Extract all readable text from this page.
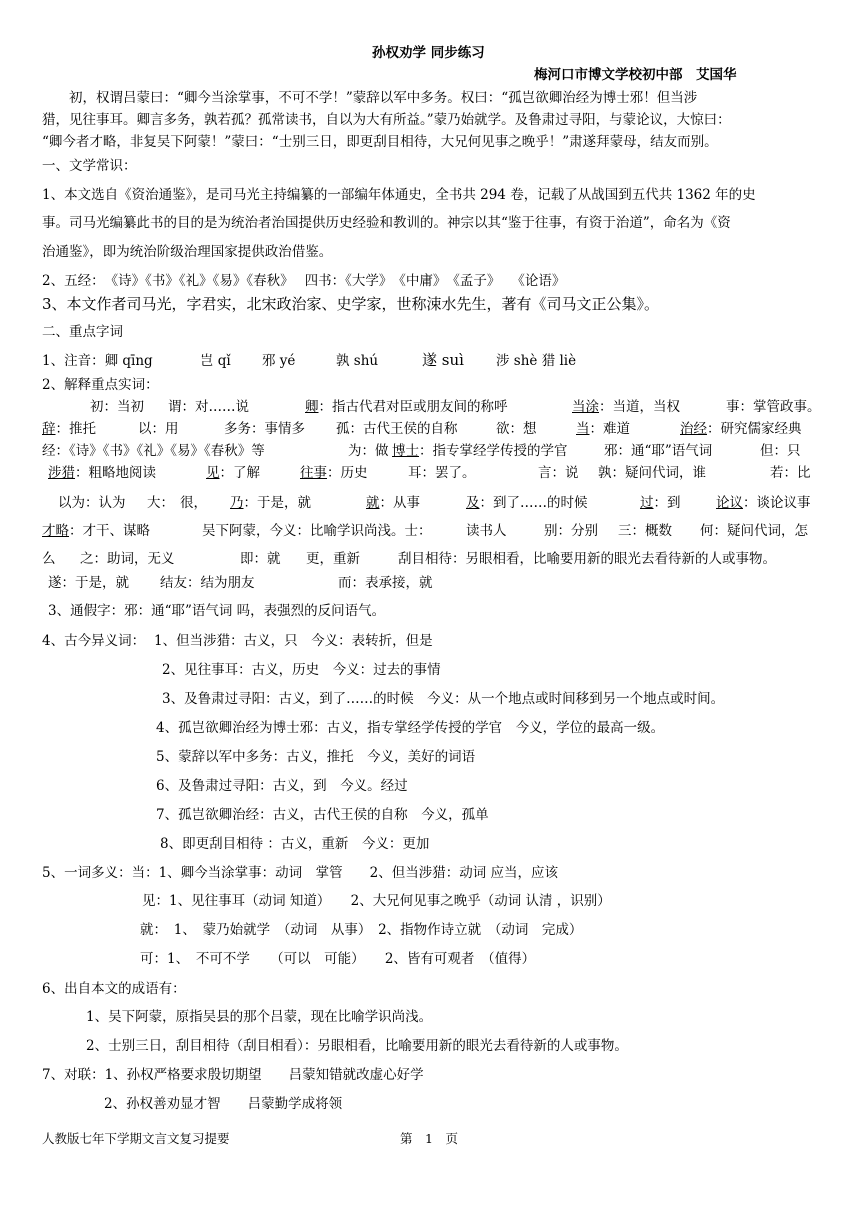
孙权劝学 同步练习
梅河口市博文学校初中部　艾国华
　　初，权谓吕蒙曰：“卿今当涂掌事，不可不学！”蒙辞以军中多务。权曰：“孤岂欲卿治经为博士邪！但当涉
猎，见往事耳。卿言多务，孰若孤？孤常读书，自以为大有所益。”蒙乃始就学。及鲁肃过寻阳，与蒙论议，大惊曰：
“卿今者才略，非复吴下阿蒙！”蒙曰：“士别三日，即更刮目相待，大兄何见事之晚乎！”肃遂拜蒙母，结友而别。
一、文学常识：
1、本文选自《资治通鉴》，是司马光主持编纂的一部编年体通史，全书共 294 卷，记载了从战国到五代共 1362 年的史
事。司马光编纂此书的目的是为统治者治国提供历史经验和教训的。神宗以其“鉴于往事，有资于治道”，命名为《资
治通鉴》，即为统治阶级治理国家提供政治借鉴。
2、五经：　《诗》《书》《礼》《易》《春秋》　 四书：《大学》　《中庸》　《孟子》　 《论语》
3、本文作者司马光，字君实，北宋政治家、史学家，世称涑水先生，著有《司马文正公集》。
二、重点字词
1、注音：卿 qīng	岂 qǐ 邪 yé	孰 shú	遂 suì 涉 shè 猎 liè
2、解释重点实词：
初：当初 谓：对……说	卿：指古代君对臣或朋友间的称呼	当涂：当道，当权	事：掌管政事。
辞：推托	以：用	多务：事情多 孤：古代王侯的自称	欲：想	当：难道	治经：研究儒家经典
经：《诗》《书》《礼》《易》《春秋》等	为：做 博士：指专掌经学传授的学官	邪：通“耶”语气词	但：只
涉猎：粗略地阅读	见：了解	往事：历史	耳：罢了。	言：说 孰：疑问代词，谁	若：比
以为：认为 大： 很， 乃：于是，就	就：从事	及：到了……的时候	过：到	论议：谈论议事
才略：才干、谋略	吴下阿蒙，今义：比喻学识尚浅。士：	读书人	别：分别 三：概数 何：疑问代词，怎
么 之：助词，无义	即：就 更，重新	刮目相待：另眼相看，比喻要用新的眼光去看待新的人或事物。
遂：于是，就 结友：结为朋友	而：表承接，就
3、通假字：邪：通“耶”语气词 吗，表强烈的反问语气。
4、古今异义词： 1、但当涉猎：古义，只　今义：表转折，但是
2、见往事耳：古义，历史　今义：过去的事情
3、及鲁肃过寻阳：古义，到了……的时候　今义：从一个地点或时间移到另一个地点或时间。
4、孤岂欲卿治经为博士邪：古义，指专掌经学传授的学官　今义，学位的最高一级。
5、蒙辞以军中多务：古义，推托　今义，美好的词语
6、及鲁肃过寻阳：古义，到　今义。经过
7、孤岂欲卿治经：古义，古代王侯的自称　今义，孤单
8、即更刮目相待 ：古义，重新　今义：更加
5、一词多义：当：1、卿今当涂掌事：动词　掌管　　2、但当涉猎：动词 应当，应该
见：1、见往事耳（动词 知道）　　2、大兄何见事之晚乎（动词 认清 ，识别）
就：　1、　蒙乃始就学　（动词　从事）　2、指物作诗立就　（动词　完成）
可：1、　不可不学　　（可以　可能）　　2、皆有可观者　（值得）
6、出自本文的成语有：
1、吴下阿蒙，原指吴县的那个吕蒙，现在比喻学识尚浅。
2、士别三日，刮目相待（刮目相看）：另眼相看，比喻要用新的眼光去看待新的人或事物。
7、对联：1、孙权严格要求殷切期望　　吕蒙知错就改虚心好学
2、孙权善劝显才智　　吕蒙勤学成将领
人教版七年下学期文言文复习提要	第　1　页
